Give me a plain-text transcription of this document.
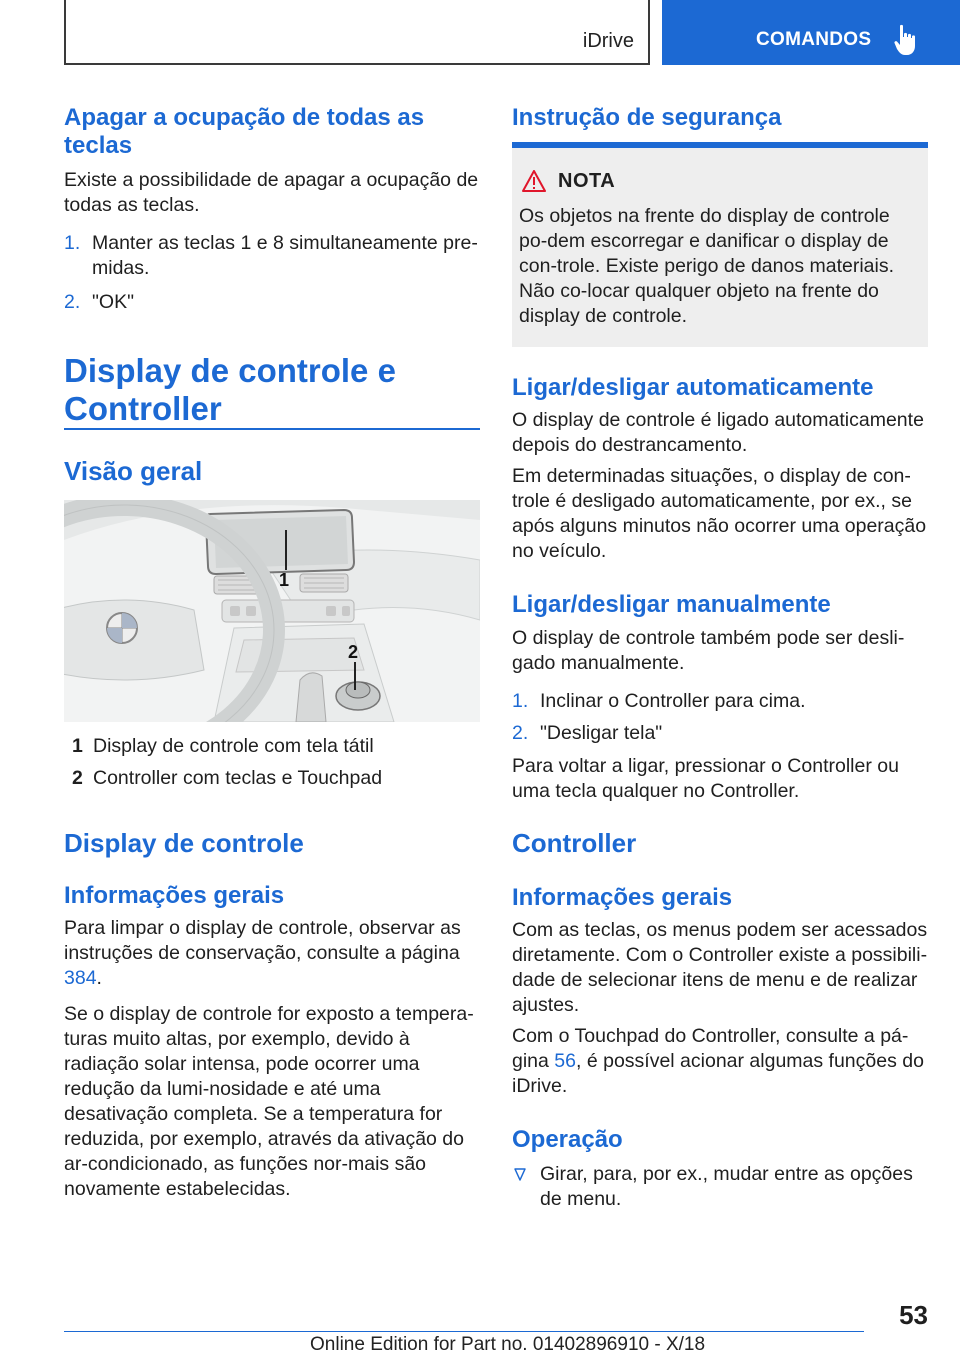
iDrive	COMANDOS
Apagar a ocupação de todas as teclas
Existe a possibilidade de apagar a ocupação de todas as teclas.
1. Manter as teclas 1 e 8 simultaneamente pre-midas.
2. "OK"
Display de controle e Controller
Visão geral
1
2
1 Display de controle com tela tátil
2 Controller com teclas e Touchpad
Display de controle
Informações gerais
Para limpar o display de controle, observar as instruções de conservação, consulte a página 384.
Se o display de controle for exposto a tempera-turas muito altas, por exemplo, devido à radiação solar intensa, pode ocorrer uma redução da lumi-nosidade e até uma desativação completa. Se a temperatura for reduzida, por exemplo, através da ativação do ar-condicionado, as funções nor-mais são novamente estabelecidas.
Instrução de segurança
NOTA
Os objetos na frente do display de controle po-dem escorregar e danificar o display de con-trole. Existe perigo de danos materiais. Não co-locar qualquer objeto na frente do display de controle.
Ligar/desligar automaticamente
O display de controle é ligado automaticamente depois do destrancamento.
Em determinadas situações, o display de con-trole é desligado automaticamente, por ex., se após alguns minutos não ocorrer uma operação no veículo.
Ligar/desligar manualmente
O display de controle também pode ser desli-gado manualmente.
1. Inclinar o Controller para cima.
2. "Desligar tela"
Para voltar a ligar, pressionar o Controller ou uma tecla qualquer no Controller.
Controller
Informações gerais
Com as teclas, os menus podem ser acessados diretamente. Com o Controller existe a possibili-dade de selecionar itens de menu e de realizar ajustes.
Com o Touchpad do Controller, consulte a pá-gina 56, é possível acionar algumas funções do iDrive.
Operação
Girar, para, por ex., mudar entre as opções de menu.
53
Online Edition for Part no. 01402896910 - X/18
